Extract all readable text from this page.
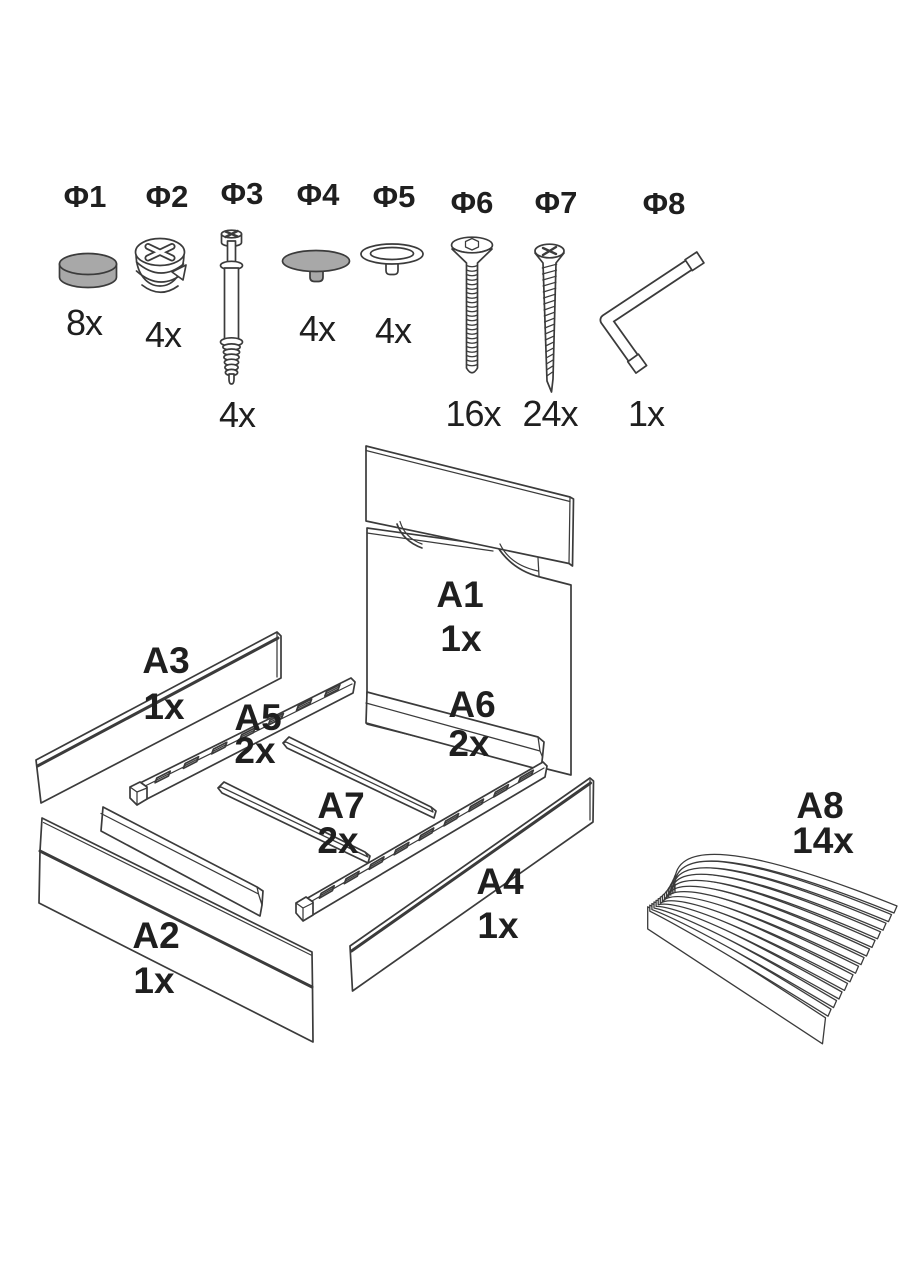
Φ1
8x
Φ2
4x
Φ3
4x
Φ4
4x
Φ5
4x
Φ6
16x
Φ7
24x
Φ8
1x
A1
1x
A3
1x A5
2x
A6
2x
A7
2x
A2
1x
A4
1x
A8
14x
